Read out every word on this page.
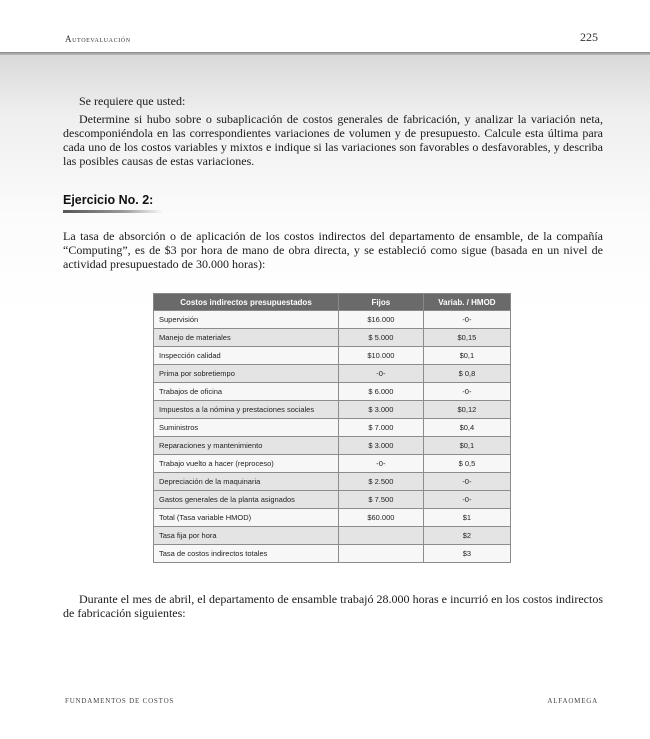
Autoevaluación	225

Se requiere que usted:

Determine si hubo sobre o subaplicación de costos generales de fabricación, y analizar la variación neta, descomponiéndola en las correspondientes variaciones de volumen y de presupuesto. Calcule esta última para cada uno de los costos variables y mixtos e indique si las variaciones son favorables o desfavorables, y describa las posibles causas de estas variaciones.

Ejercicio No. 2:

La tasa de absorción o de aplicación de los costos indirectos del departamento de ensamble, de la compañía “Computing”, es de $3 por hora de mano de obra directa, y se estableció como sigue (basada en un nivel de actividad presupuestado de 30.000 horas):

Costos indirectos presupuestados	Fijos	Variab. / HMOD
Supervisión	$16.000	-0-
Manejo de materiales	$ 5.000	$0,15
Inspección calidad	$10.000	$0,1
Prima por sobretiempo	-0-	$ 0,8
Trabajos de oficina	$ 6.000	-0-
Impuestos a la nómina y prestaciones sociales	$ 3.000	$0,12
Suministros	$ 7.000	$0,4
Reparaciones y mantenimiento	$ 3.000	$0,1
Trabajo vuelto a hacer (reproceso)	-0-	$ 0,5
Depreciación de la maquinaria	$ 2.500	-0-
Gastos generales de la planta asignados	$ 7.500	-0-
Total (Tasa variable HMOD)	$60.000	$1
Tasa fija por hora		$2
Tasa de costos indirectos totales		$3

Durante el mes de abril, el departamento de ensamble trabajó 28.000 horas e incurrió en los costos indirectos de fabricación siguientes:

FUNDAMENTOS DE COSTOS	ALFAOMEGA
